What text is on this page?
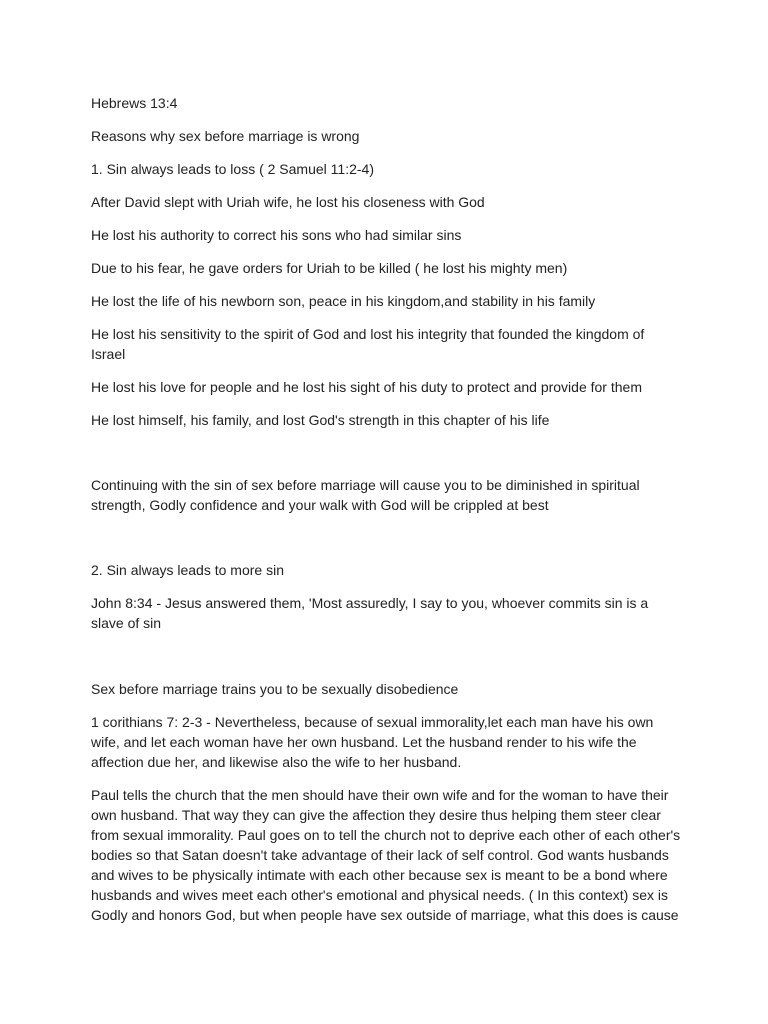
Hebrews 13:4

Reasons why sex before marriage is wrong

1. Sin always leads to loss ( 2 Samuel 11:2-4)

After David slept with Uriah wife, he lost his closeness with God

He lost his authority to correct his sons who had similar sins

Due to his fear, he gave orders for Uriah to be killed ( he lost his mighty men)

He lost the life of his newborn son, peace in his kingdom,and stability in his family

He lost his sensitivity to the spirit of God and lost his integrity that founded the kingdom of Israel

He lost his love for people and he lost his sight of his duty to protect and provide for them

He lost himself, his family, and lost God's strength in this chapter of his life

Continuing with the sin of sex before marriage will cause you to be diminished in spiritual strength, Godly confidence and your walk with God will be crippled at best

2. Sin always leads to more sin

John 8:34 - Jesus answered them, 'Most assuredly, I say to you, whoever commits sin is a slave of sin

Sex before marriage trains you to be sexually disobedience

1 corithians 7: 2-3 - Nevertheless, because of sexual immorality,let each man have his own wife, and let each woman have her own husband. Let the husband render to his wife the affection due her, and likewise also the wife to her husband.

Paul tells the church that the men should have their own wife and for the woman to have their own husband. That way they can give the affection they desire thus helping them steer clear from sexual immorality. Paul goes on to tell the church not to deprive each other of each other's bodies so that Satan doesn't take advantage of their lack of self control. God wants husbands and wives to be physically intimate with each other because sex is meant to be a bond where husbands and wives meet each other's emotional and physical needs. ( In this context) sex is Godly and honors God, but when people have sex outside of marriage, what this does is cause
